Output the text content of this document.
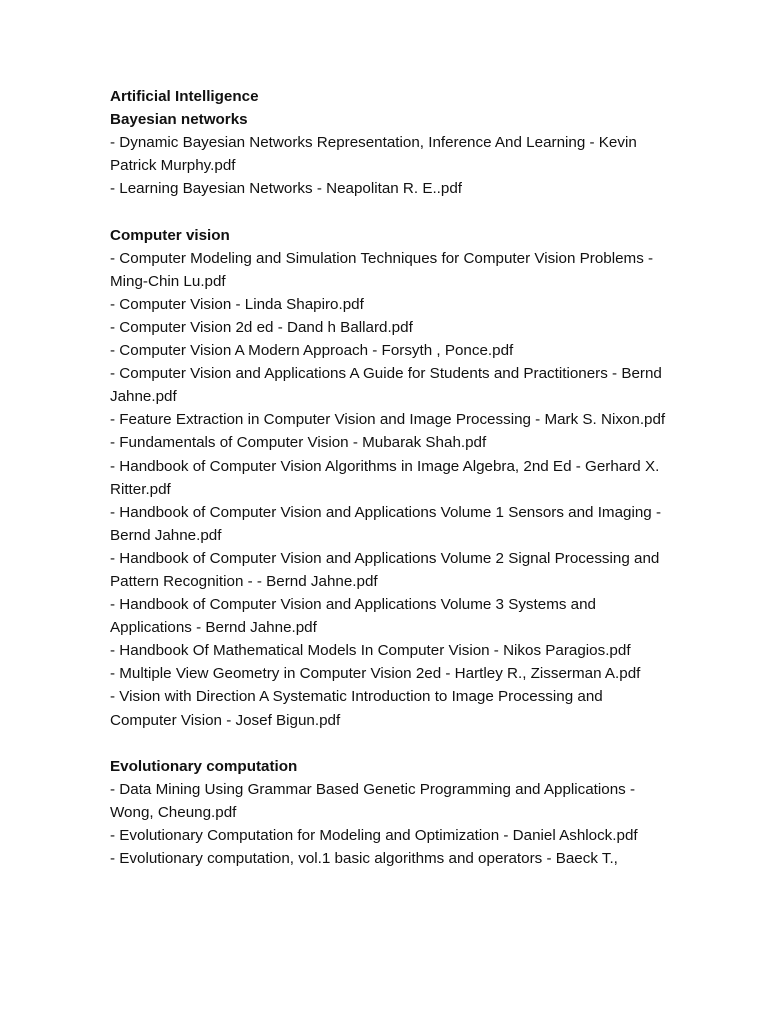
Artificial Intelligence
Bayesian networks
- Dynamic Bayesian Networks Representation, Inference And Learning - Kevin Patrick Murphy.pdf
- Learning Bayesian Networks - Neapolitan R. E..pdf
Computer vision
- Computer Modeling and Simulation Techniques for Computer Vision Problems - Ming-Chin Lu.pdf
- Computer Vision - Linda Shapiro.pdf
- Computer Vision 2d ed - Dand h Ballard.pdf
- Computer Vision A Modern Approach - Forsyth , Ponce.pdf
- Computer Vision and Applications A Guide for Students and Practitioners - Bernd Jahne.pdf
- Feature Extraction in Computer Vision and Image Processing - Mark S. Nixon.pdf
- Fundamentals of Computer Vision - Mubarak Shah.pdf
- Handbook of Computer Vision Algorithms in Image Algebra, 2nd Ed - Gerhard X. Ritter.pdf
- Handbook of Computer Vision and Applications Volume 1 Sensors and Imaging - Bernd Jahne.pdf
- Handbook of Computer Vision and Applications Volume 2 Signal Processing and Pattern Recognition - - Bernd Jahne.pdf
- Handbook of Computer Vision and Applications Volume 3 Systems and Applications - Bernd Jahne.pdf
- Handbook Of Mathematical Models In Computer Vision - Nikos Paragios.pdf
- Multiple View Geometry in Computer Vision 2ed - Hartley R., Zisserman A.pdf
- Vision with Direction A Systematic Introduction to Image Processing and Computer Vision - Josef Bigun.pdf
Evolutionary computation
- Data Mining Using Grammar Based Genetic Programming and Applications - Wong, Cheung.pdf
- Evolutionary Computation for Modeling and Optimization - Daniel Ashlock.pdf
- Evolutionary computation, vol.1 basic algorithms and operators - Baeck T.,
